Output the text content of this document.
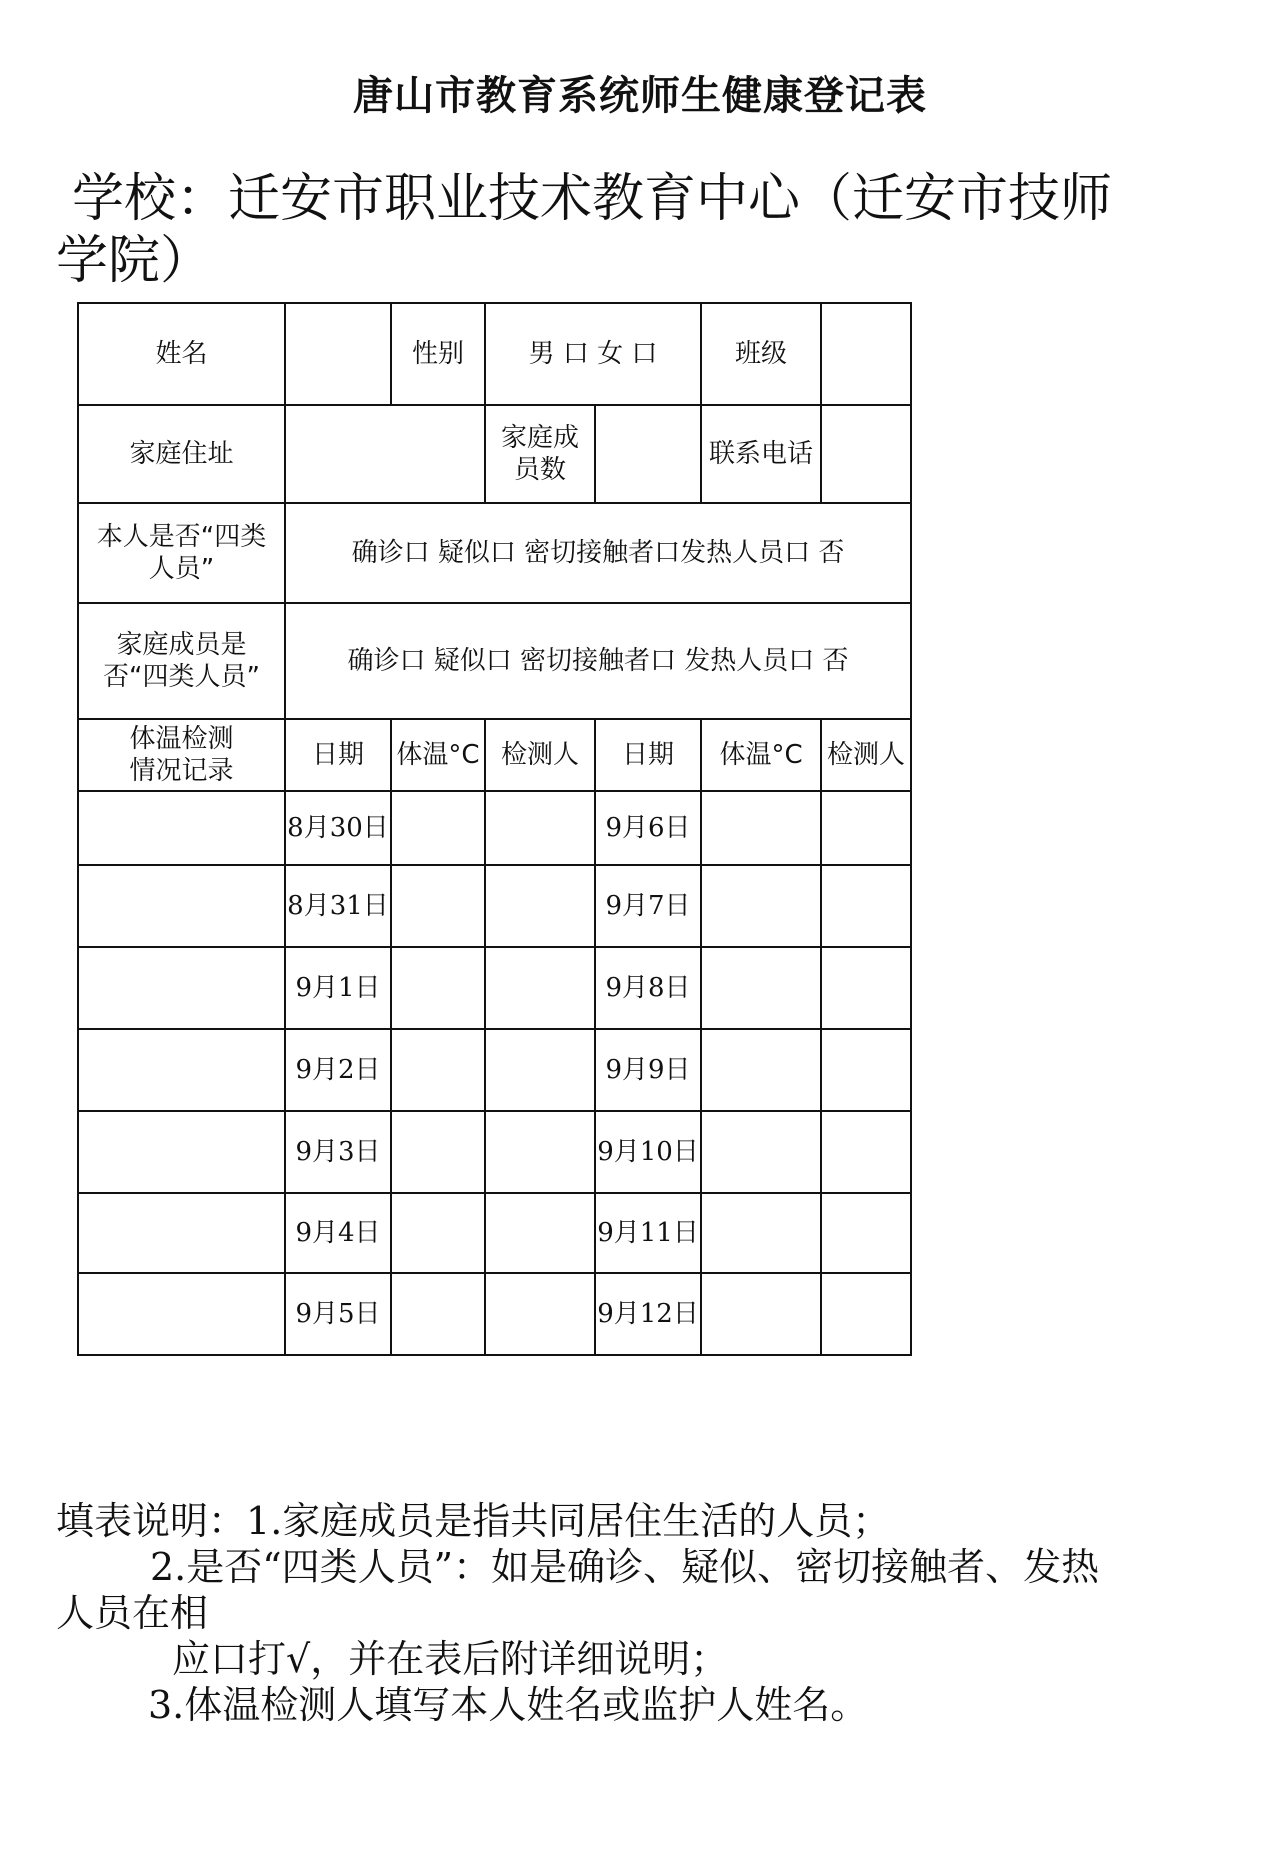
唐山市教育系统师生健康登记表
学校：迁安市职业技术教育中心（迁安市技师
学院）
姓名		性别	男 口 女 口		班级	
家庭住址			家庭成员数		联系电话	
本人是否“四类人员”	确诊口 疑似口 密切接触者口发热人员口 否					
家庭成员是否“四类人员”	确诊口 疑似口 密切接触者口 发热人员口 否					
体温检测情况记录	日期	体温°C	检测人	日期	体温°C	检测人
	8月30日			9月6日		
	8月31日			9月7日		
	9月1日			9月8日		
	9月2日			9月9日		
	9月3日			9月10日		
	9月4日			9月11日		
	9月5日			9月12日		

填表说明：1.家庭成员是指共同居住生活的人员；

2.是否“四类人员”：如是确诊、疑似、密切接触者、发热

人员在相

应口打√，并在表后附详细说明；

3.体温检测人填写本人姓名或监护人姓名。
